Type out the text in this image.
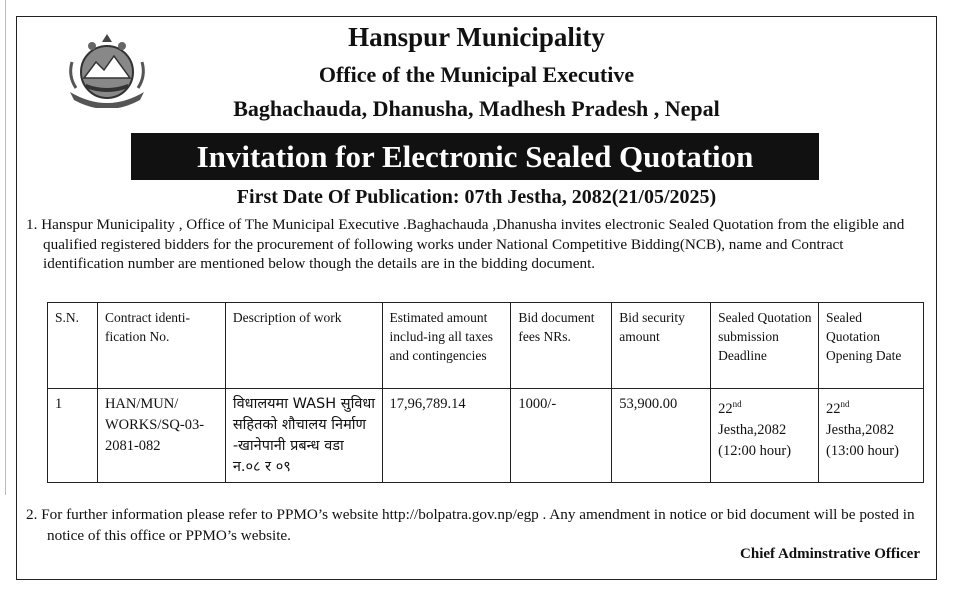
Hanspur Municipality
Office of the Municipal Executive
Baghachauda, Dhanusha, Madhesh Pradesh , Nepal
Invitation for Electronic Sealed Quotation
First Date Of Publication: 07th Jestha, 2082(21/05/2025)
1. Hanspur Municipality , Office of The Municipal Executive .Baghachauda ,Dhanusha invites electronic Sealed Quotation from the eligible and qualified registered bidders for the procurement of following works under National Competitive Bidding(NCB), name and Contract identification number are mentioned below though the details are in the bidding document.
S.N.	Contract identi-fication No.	Description of work	Estimated amount includ-ing all taxes and contingencies	Bid document fees NRs.	Bid security amount	Sealed Quotation submission Deadline	Sealed Quotation Opening Date
1	HAN/MUN/ WORKS/SQ-03-2081-082	विधालयमा WASH सुविधा सहितको शौचालय निर्माण -खानेपानी प्रबन्ध वडा न.०८ र ०९	17,96,789.14	1000/-	53,900.00	22nd Jestha,2082 (12:00 hour)	22nd Jestha,2082 (13:00 hour)
2. For further information please refer to PPMO’s website http://bolpatra.gov.np/egp . Any amendment in notice or bid document will be posted in notice of this office or PPMO’s website.
Chief Adminstrative Officer
